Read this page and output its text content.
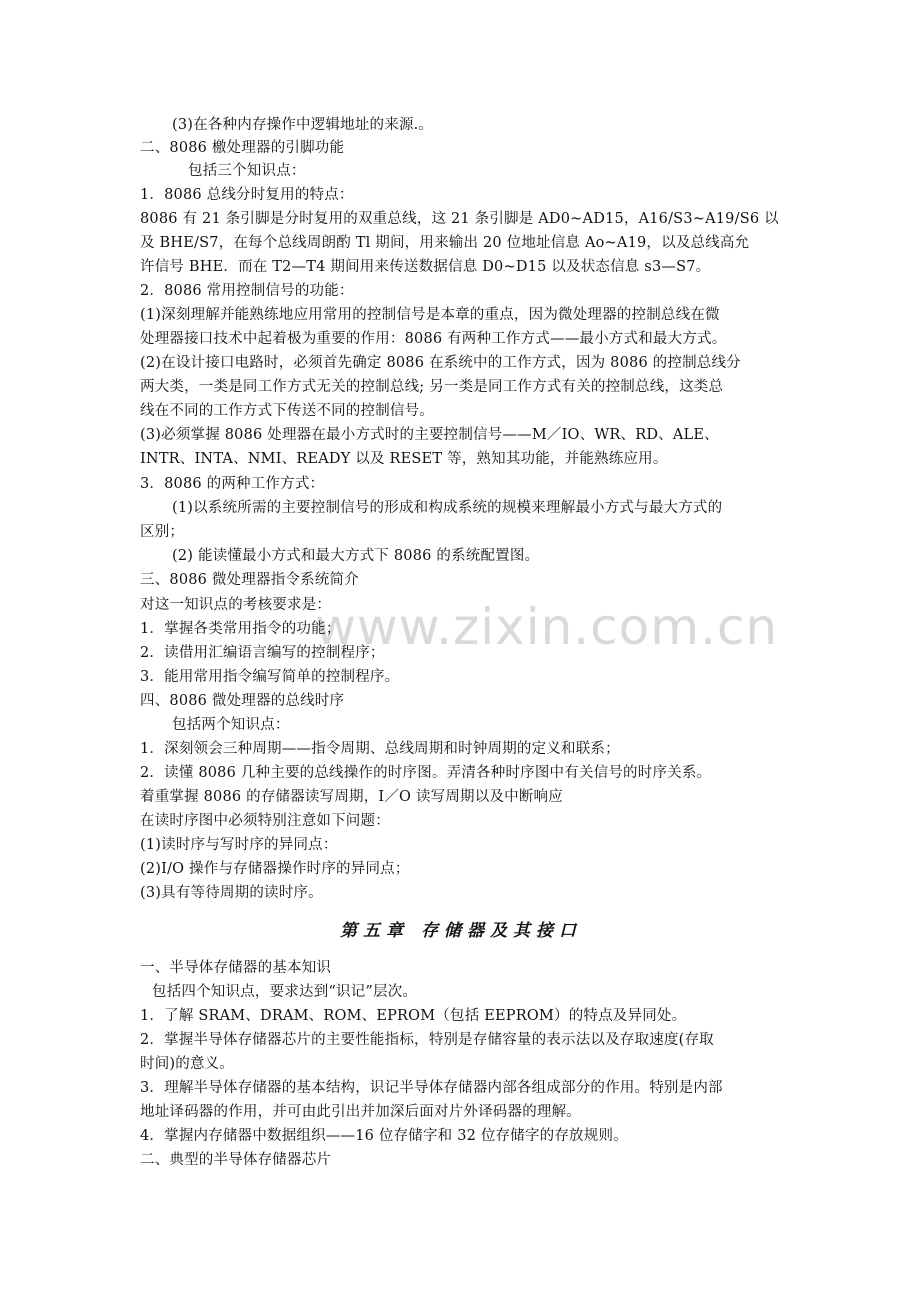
www.zixin.com.cn
(3)在各种内存操作中逻辑地址的来源.。
二、8086 檄处理器的引脚功能
包括三个知识点：
1．8086 总线分时复用的特点：
8086 有 21 条引脚是分时复用的双重总线，这 21 条引脚是 AD0~AD15，A16/S3~A19/S6 以
及 BHE/S7，在每个总线周朗酌 Tl 期间，用来输出 20 位地址信息 Ao~A19，以及总线高允
许信号 BHE．而在 T2—T4 期间用来传送数据信息 D0~D15 以及状态信息 s3—S7。
2．8086 常用控制信号的功能：
(1)深刻理解并能熟练地应用常用的控制信号是本章的重点，因为微处理器的控制总线在微
处理器接口技术中起着极为重要的作用：8086 有两种工作方式——最小方式和最大方式。
(2)在设计接口电路时，必须首先确定 8086 在系统中的工作方式，因为 8086 的控制总线分
两大类，一类是同工作方式无关的控制总线; 另一类是同工作方式有关的控制总线，这类总
线在不同的工作方式下传送不同的控制信号。
(3)必须掌握 8086 处理器在最小方式时的主要控制信号——M／IO、WR、RD、ALE、
INTR、INTA、NMI、READY 以及 RESET 等，熟知其功能，并能熟练应用。
3．8086 的两种工作方式：
(1)以系统所需的主要控制信号的形成和构成系统的规模来理解最小方式与最大方式的
区别；
(2) 能读懂最小方式和最大方式下 8086 的系统配置图。
三、8086 微处理器指令系统简介
对这一知识点的考核要求是：
1．掌握各类常用指令的功能；
2．读借用汇编语言编写的控制程序；
3．能用常用指令编写简单的控制程序。
四、8086 微处理器的总线时序
包括两个知识点：
1．深刻领会三种周期——指令周期、总线周期和时钟周期的定义和联系；
2．读懂 8086 几种主要的总线操作的时序图。弄清各种时序图中有关信号的时序关系。
着重掌握 8086 的存储器读写周期，I／O 读写周期以及中断响应
在读时序图中必须特别注意如下问题：
(1)读时序与写时序的异同点：
(2)I/O 操作与存储器操作时序的异同点；
(3)具有等待周期的读时序。
第五章 存储器及其接口
一、半导体存储器的基本知识
包括四个知识点，要求达到“识记”层次。
1．了解 SRAM、DRAM、ROM、EPROM（包括 EEPROM）的特点及异同处。
2．掌握半导体存储器芯片的主要性能指标，特别是存储容量的表示法以及存取速度(存取
时间)的意义。
3．理解半导体存储器的基本结构，识记半导体存储器内部各组成部分的作用。特别是内部
地址译码器的作用，并可由此引出并加深后面对片外译码器的理解。
4．掌握内存储器中数据组织——16 位存储字和 32 位存储字的存放规则。
二、典型的半导体存储器芯片
